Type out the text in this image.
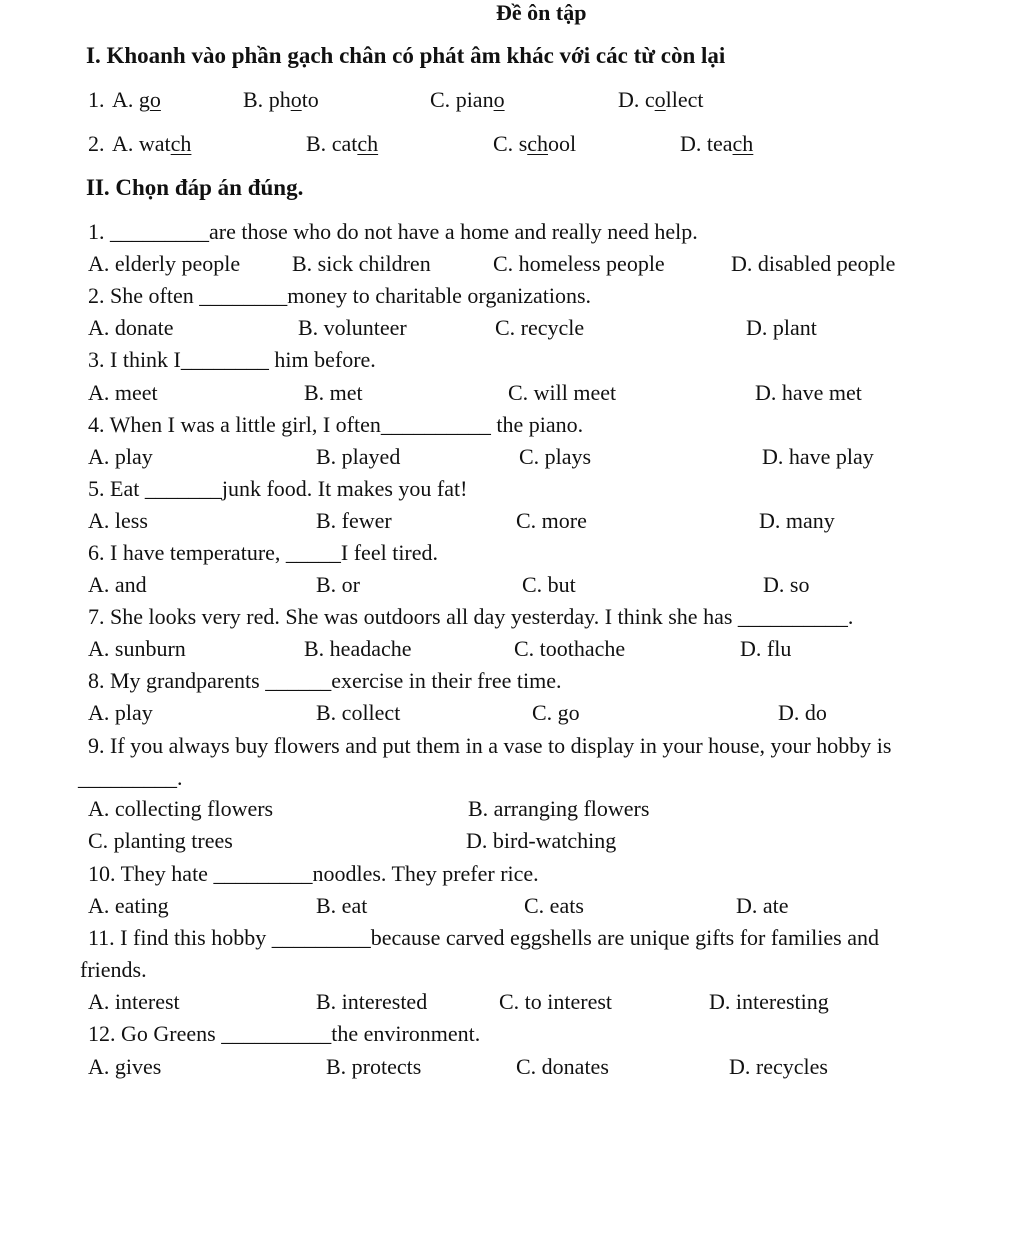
Đề ôn tập
I. Khoanh vào phần gạch chân có phát âm khác với các từ còn lại
1. A. go	B. photo	C. piano	D. collect
2. A. watch	B. catch	C. school	D. teach
II. Chọn đáp án đúng.
1. _________are those who do not have a home and really need help.
A. elderly people B. sick children	C. homeless people	D. disabled people
2. She often ________money to charitable organizations.
A. donate	B. volunteer	C. recycle	D. plant
3. I think I________ him before.
A. meet	B. met	C. will meet	D. have met
4. When I was a little girl, I often__________ the piano.
A. play	B. played	C. plays	D. have play
5. Eat _______junk food. It makes you fat!
A. less	B. fewer	C. more	D. many
6. I have temperature, _____I feel tired.
A. and	B. or	C. but	D. so
7. She looks very red. She was outdoors all day yesterday. I think she has __________.
A. sunburn	B. headache	C. toothache	D. flu
8. My grandparents ______exercise in their free time.
A. play	B. collect	C. go	D. do
9. If you always buy flowers and put them in a vase to display in your house, your hobby is
_________.
A. collecting flowers	B. arranging flowers
C. planting trees	D. bird-watching
10. They hate _________noodles. They prefer rice.
A. eating	B. eat	C. eats	D. ate
11. I find this hobby _________because carved eggshells are unique gifts for families and
friends.
A. interest	B. interested	C. to interest	D. interesting
12. Go Greens __________the environment.
A. gives	B. protects	C. donates	D. recycles
